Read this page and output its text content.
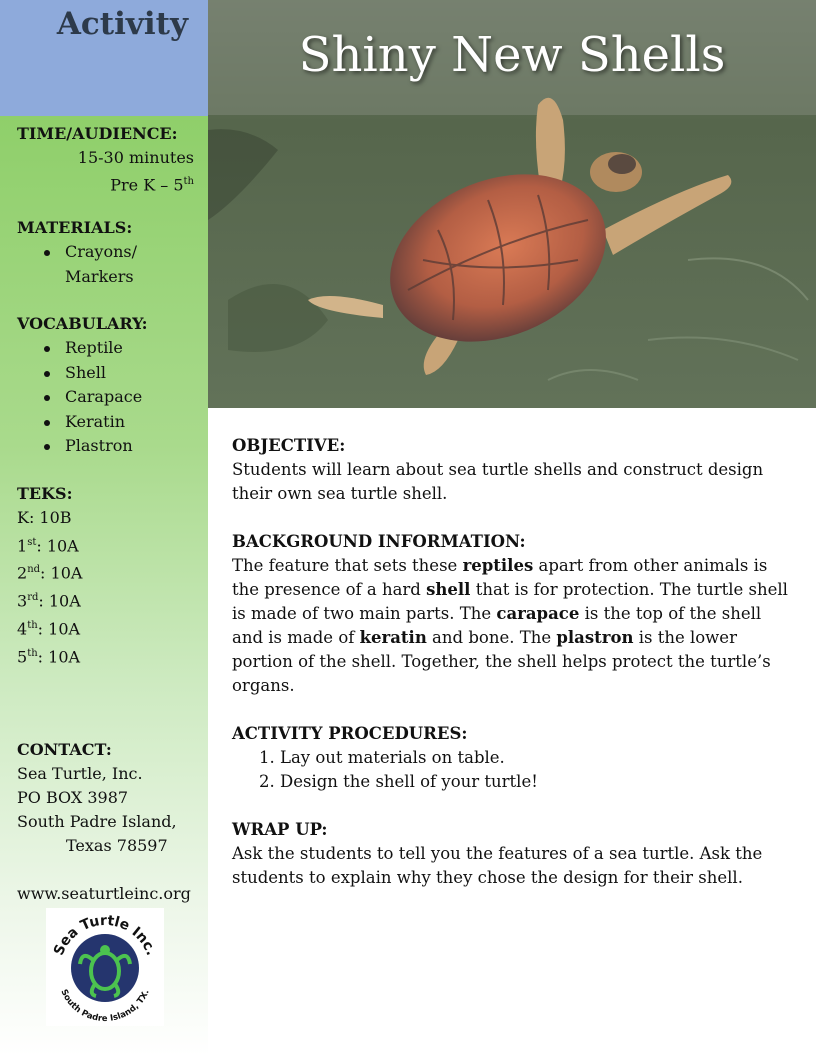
Activity
TIME/AUDIENCE:
15-30 minutes
Pre K – 5th
MATERIALS:
Crayons/
Markers
VOCABULARY:
Reptile
Shell
Carapace
Keratin
Plastron
TEKS:
K: 10B
1st: 10A
2nd: 10A
3rd: 10A
4th: 10A
5th: 10A
CONTACT:
Sea Turtle, Inc.
PO BOX 3987
South Padre Island,
Texas 78597
www.seaturtleinc.org
Sea Turtle Inc.
South Padre Island, TX.
Shiny New Shells
OBJECTIVE:

Students will learn about sea turtle shells and construct design their own sea turtle shell.

BACKGROUND INFORMATION:

The feature that sets these reptiles apart from other animals is the presence of a hard shell that is for protection. The turtle shell is made of two main parts. The carapace is the top of the shell and is made of keratin and bone. The plastron is the lower portion of the shell. Together, the shell helps protect the turtle’s organs.

ACTIVITY PROCEDURES:
1. Lay out materials on table.
2. Design the shell of your turtle!
WRAP UP:

Ask the students to tell you the features of a sea turtle. Ask the students to explain why they chose the design for their shell.
